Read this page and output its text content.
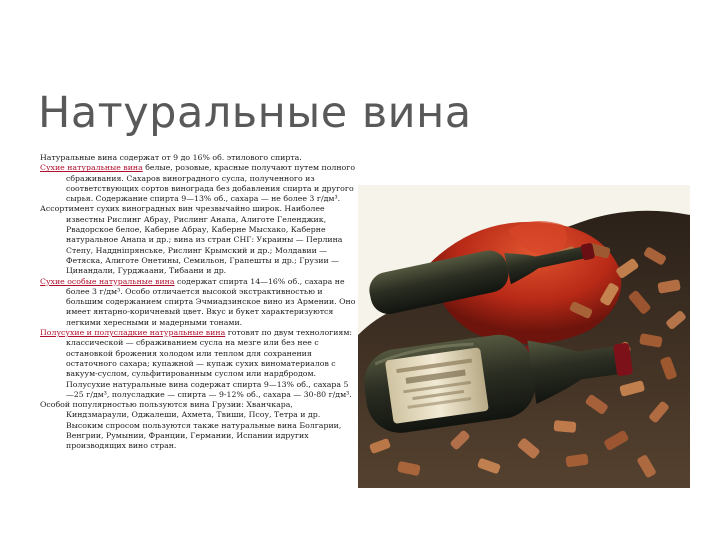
Натуральные вина

Натуральные вина содержат от 9 до 16% об. этилового спирта.

Сухие натуральные вина белые, розовые, красные получают путем полного сбраживания. Сахаров виноградного сусла, полученного из соответствующих сортов винограда без добавления спирта и другого сырья. Содержание спирта 9—13% об., сахара — не более 3 г/дм³.

Ассортимент сухих виноградных вин чрезвычайно широк. Наиболее известны Рислинг Абрау, Рислинг Анапа, Алиготе Геленджик, Рвадорское белое, Каберне Абрау, Каберне Мысхако, Каберне натуральное Анапа и др.; вина из стран СНГ: Украины — Перлина Степу, Наддніпрянське, Рислинг Крымский и др.; Молдавии — Фетяска, Алиготе Онетины, Семильон, Грапешты и др.; Грузии — Цинандали, Гурджаани, Тибаани и др.

Сухие особые натуральные вина содержат спирта 14—16% об., сахара не более 3 г/дм³. Особо отличается высокой экстрактивностью и большим содержанием спирта Эчмиадзинское вино из Армении. Оно имеет янтарно-коричневый цвет. Вкус и букет характеризуются легкими хересными и мадерными тонами.

Полусухие и полусладкие натуральные вина готовят по двум технологиям: классической — сбраживанием сусла на мезге или без нее с остановкой брожения холодом или теплом для сохранения остаточного сахара; купажной — купаж сухих виноматериалов с вакуум-суслом, сульфитированным суслом или нардбродом. Полусухие натуральные вина содержат спирта 9—13% об., сахара 5—25 г/дм³, полусладкие — спирта — 9-12% об., сахара — 30-80 г/дм³.

Особой популярностью пользуются вина Грузии: Хванчкара, Киндзмараули, Оджалеши, Ахмета, Твиши, Псоу, Тетра и др. Высоким спросом пользуются также натуральные вина Болгарии, Венгрии, Румынии, Франции, Германии, Испании идругих производящих вино стран.
